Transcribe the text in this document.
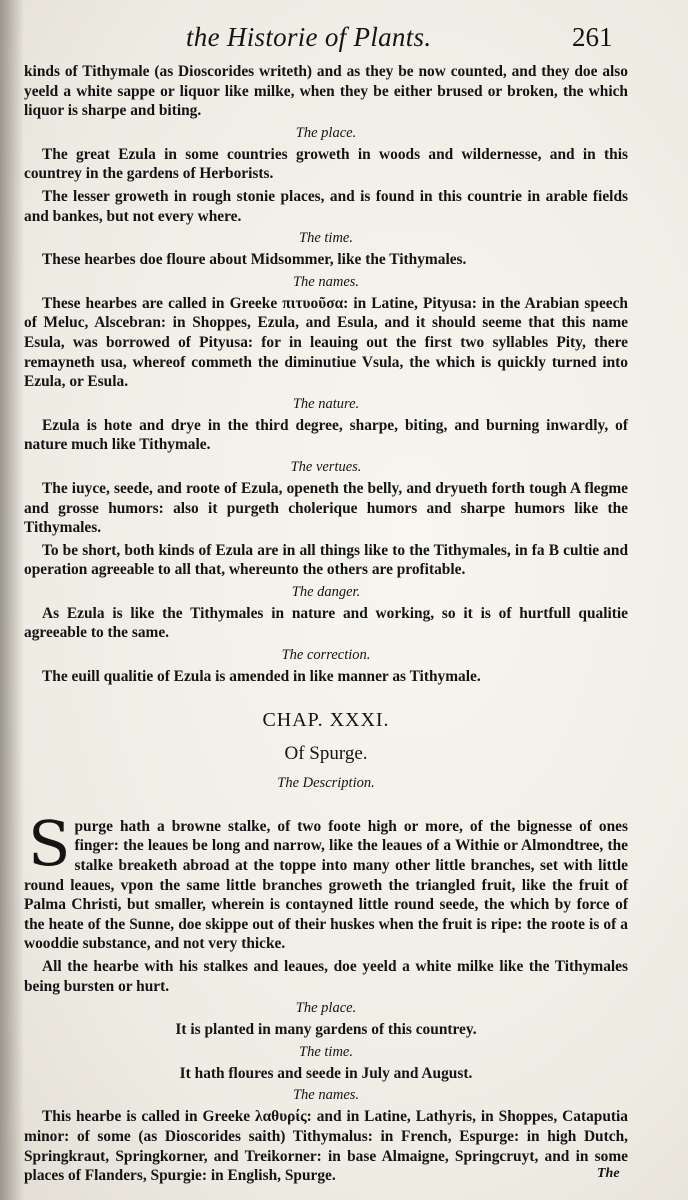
the Historie of Plants.	261

kinds of Tithymale (as Dioscorides writeth) and as they be now counted, and they doe also yeeld a white sappe or liquor like milke, when they be either brused or broken, the which liquor is sharpe and biting.

The place.

The great Ezula in some countries groweth in woods and wildernesse, and in this countrey in the gardens of Herborists.

The lesser groweth in rough stonie places, and is found in this countrie in arable fields and bankes, but not every where.

The time.

These hearbes doe floure about Midsommer, like the Tithymales.

The names.

These hearbes are called in Greeke πιτυοῦσα: in Latine, Pityusa: in the Arabian speech of Meluc, Alscebran: in Shoppes, Ezula, and Esula, and it should seeme that this name Esula, was borrowed of Pityusa: for in leauing out the first two syllables Pity, there remayneth usa, whereof commeth the diminutiue Vsula, the which is quickly turned into Ezula, or Esula.

The nature.

Ezula is hote and drye in the third degree, sharpe, biting, and burning inwardly, of nature much like Tithymale.

The vertues.

The iuyce, seede, and roote of Ezula, openeth the belly, and dryueth forth tough A flegme and grosse humors: also it purgeth cholerique humors and sharpe humors like the Tithymales.

To be short, both kinds of Ezula are in all things like to the Tithymales, in fa B cultie and operation agreeable to all that, whereunto the others are profitable.

The danger.

As Ezula is like the Tithymales in nature and working, so it is of hurtfull qualitie agreeable to the same.

The correction.

The euill qualitie of Ezula is amended in like manner as Tithymale.

CHAP. XXXI.
Of Spurge.
The Description.

Spurge hath a browne stalke, of two foote high or more, of the bignesse of ones finger: the leaues be long and narrow, like the leaues of a Withie or Almondtree, the stalke breaketh abroad at the toppe into many other little branches, set with little round leaues, vpon the same little branches groweth the triangled fruit, like the fruit of Palma Christi, but smaller, wherein is contayned little round seede, the which by force of the heate of the Sunne, doe skippe out of their huskes when the fruit is ripe: the roote is of a wooddie substance, and not very thicke.

All the hearbe with his stalkes and leaues, doe yeeld a white milke like the Tithymales being bursten or hurt.

The place.

It is planted in many gardens of this countrey.

The time.

It hath floures and seede in July and August.

The names.

This hearbe is called in Greeke λαθυρίς: and in Latine, Lathyris, in Shoppes, Cataputia minor: of some (as Dioscorides saith) Tithymalus: in French, Espurge: in high Dutch, Springkraut, Springkorner, and Treikorner: in base Almaigne, Springcruyt, and in some places of Flanders, Spurgie: in English, Spurge.	The
